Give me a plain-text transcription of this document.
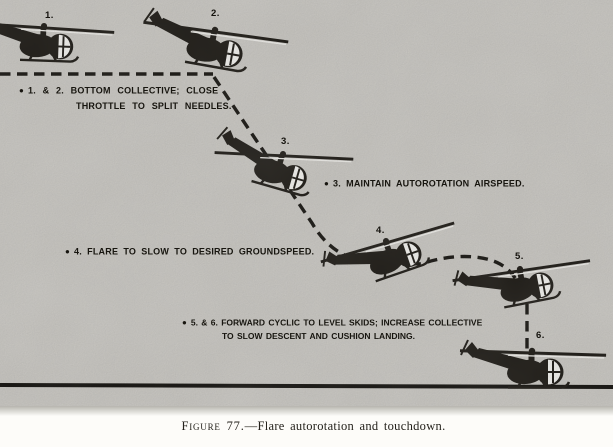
1.	2.
3.
4.
5.
6.
● 1. & 2. BOTTOM COLLECTIVE; CLOSE
THROTTLE TO SPLIT NEEDLES.
● 3. MAINTAIN AUTOROTATION AIRSPEED.
● 4. FLARE TO SLOW TO DESIRED GROUNDSPEED.
● 5. & 6. FORWARD CYCLIC TO LEVEL SKIDS; INCREASE COLLECTIVE
TO SLOW DESCENT AND CUSHION LANDING.
Figure 77.—Flare autorotation and touchdown.
